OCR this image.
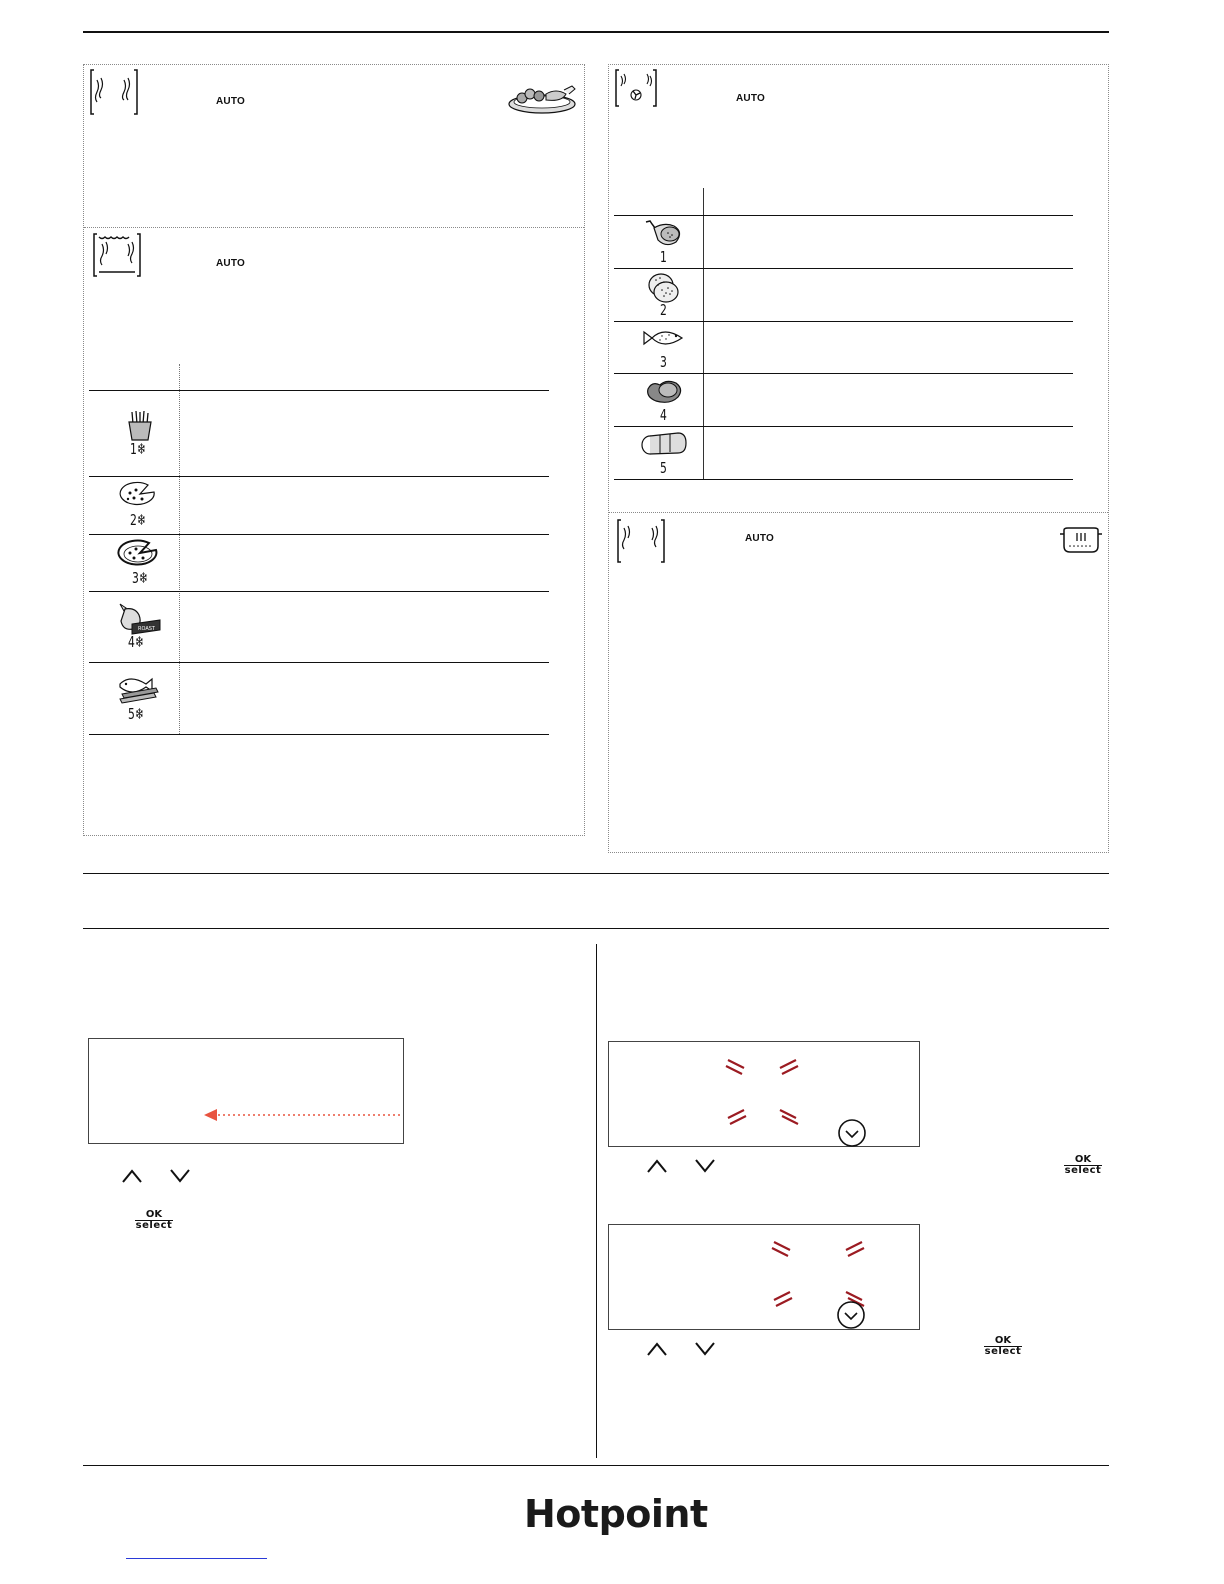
AUTO
AUTO
1❄
2❄
3❄
ROAST
4❄
5❄
AUTO
1
2
3
4
5
AUTO
OK
select
OK
select
OK
select
Hotpoint
